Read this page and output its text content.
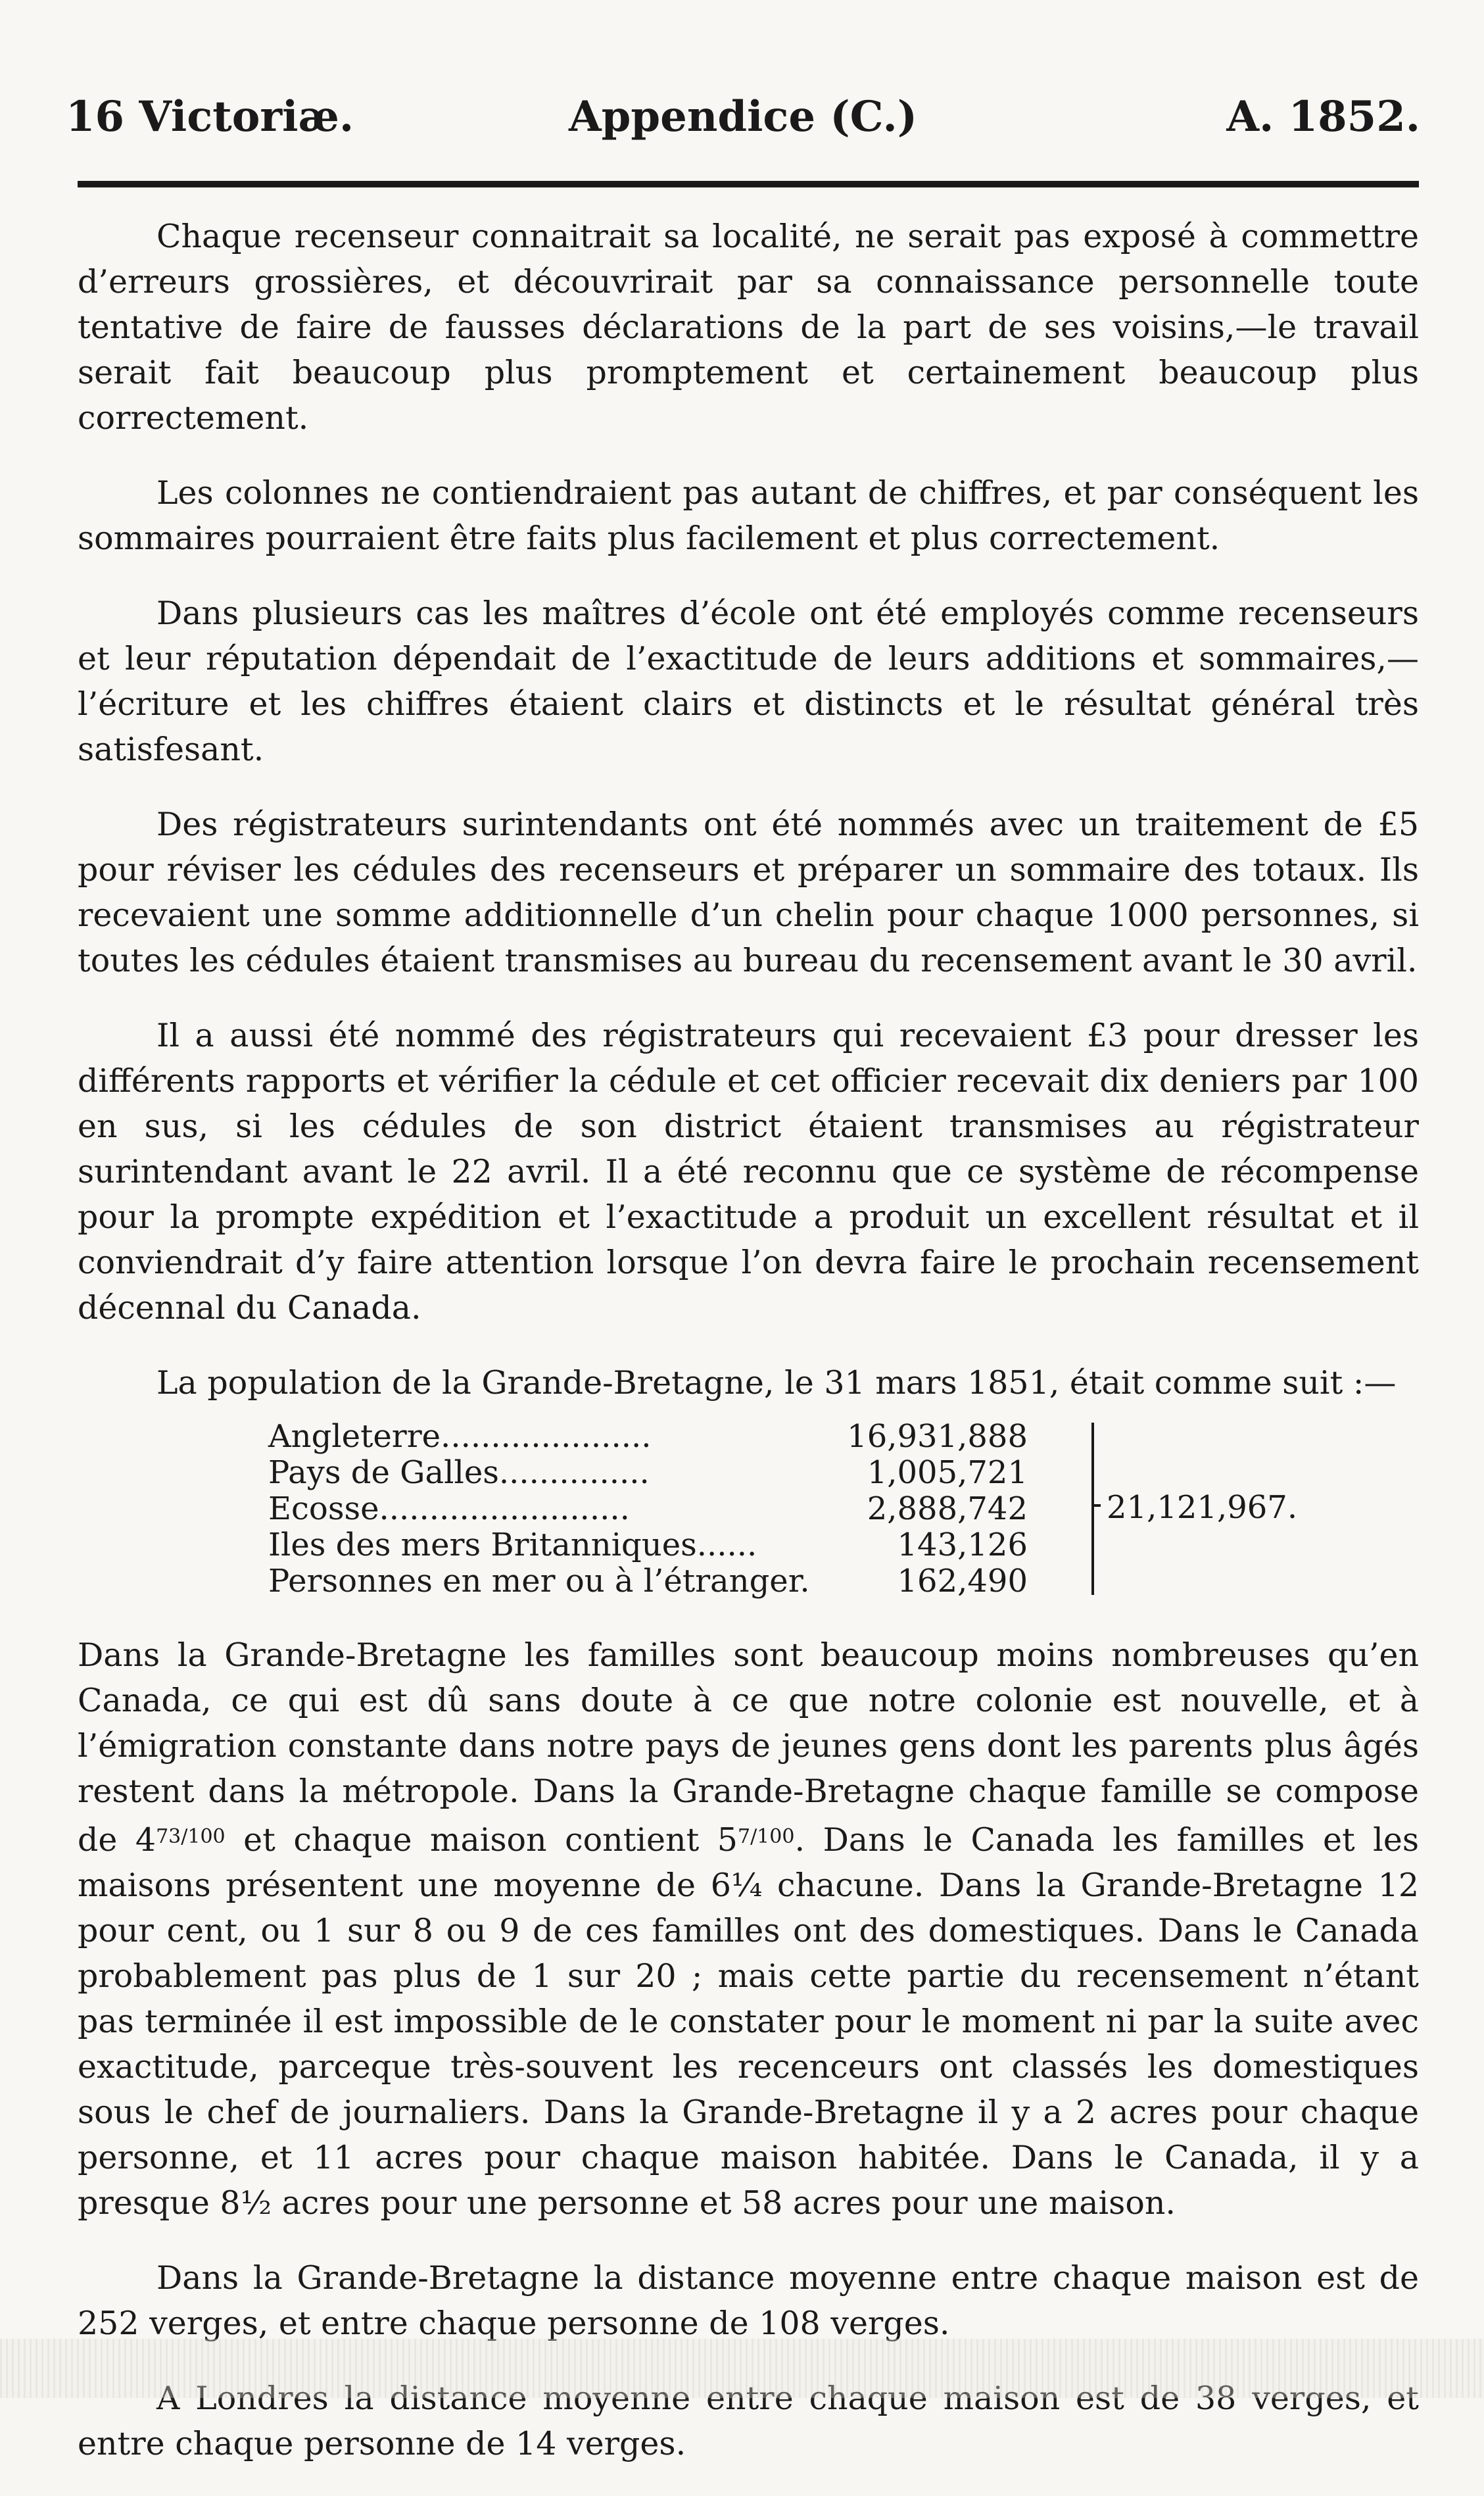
16 Victoriæ.	Appendice (C.)	A. 1852.

Chaque recenseur connaitrait sa localité, ne serait pas exposé à commettre d’erreurs grossières, et découvrirait par sa connaissance personnelle toute tentative de faire de fausses déclarations de la part de ses voisins,—le travail serait fait beaucoup plus promptement et certainement beaucoup plus correctement.

Les colonnes ne contiendraient pas autant de chiffres, et par conséquent les sommaires pourraient être faits plus facilement et plus correctement.

Dans plusieurs cas les maîtres d’école ont été employés comme recenseurs et leur réputation dépendait de l’exactitude de leurs additions et sommaires,—l’écriture et les chiffres étaient clairs et distincts et le résultat général très satisfesant.

Des régistrateurs surintendants ont été nommés avec un traitement de £5 pour réviser les cédules des recenseurs et préparer un sommaire des totaux. Ils recevaient une somme additionnelle d’un chelin pour chaque 1000 personnes, si toutes les cédules étaient transmises au bureau du recensement avant le 30 avril.

Il a aussi été nommé des régistrateurs qui recevaient £3 pour dresser les différents rapports et vérifier la cédule et cet officier recevait dix deniers par 100 en sus, si les cédules de son district étaient transmises au régistrateur surintendant avant le 22 avril. Il a été reconnu que ce système de récompense pour la prompte expédition et l’exactitude a produit un excellent résultat et il conviendrait d’y faire attention lorsque l’on devra faire le prochain recensement décennal du Canada.

La population de la Grande-Bretagne, le 31 mars 1851, était comme suit :—

Angleterre.....................	16,931,888
Pays de Galles...............	1,005,721
Ecosse.........................	2,888,742
Iles des mers Britanniques......	143,126
Personnes en mer ou à l’étranger.	162,490
21,121,967.

Dans la Grande-Bretagne les familles sont beaucoup moins nombreuses qu’en Canada, ce qui est dû sans doute à ce que notre colonie est nouvelle, et à l’émigration constante dans notre pays de jeunes gens dont les parents plus âgés restent dans la métropole. Dans la Grande-Bretagne chaque famille se compose de $4^{73/100}$ et chaque maison contient $5^{7/100}$. Dans le Canada les familles et les maisons présentent une moyenne de 6¼ chacune. Dans la Grande-Bretagne 12 pour cent, ou 1 sur 8 ou 9 de ces familles ont des domestiques. Dans le Canada probablement pas plus de 1 sur 20 ; mais cette partie du recensement n’étant pas terminée il est impossible de le constater pour le moment ni par la suite avec exactitude, parceque très-souvent les recenceurs ont classés les domestiques sous le chef de journaliers. Dans la Grande-Bretagne il y a 2 acres pour chaque personne, et 11 acres pour chaque maison habitée. Dans le Canada, il y a presque 8½ acres pour une personne et 58 acres pour une maison.

Dans la Grande-Bretagne la distance moyenne entre chaque maison est de 252 verges, et entre chaque personne de 108 verges.

A Londres la distance moyenne entre chaque maison est de 38 verges, et entre chaque personne de 14 verges.
